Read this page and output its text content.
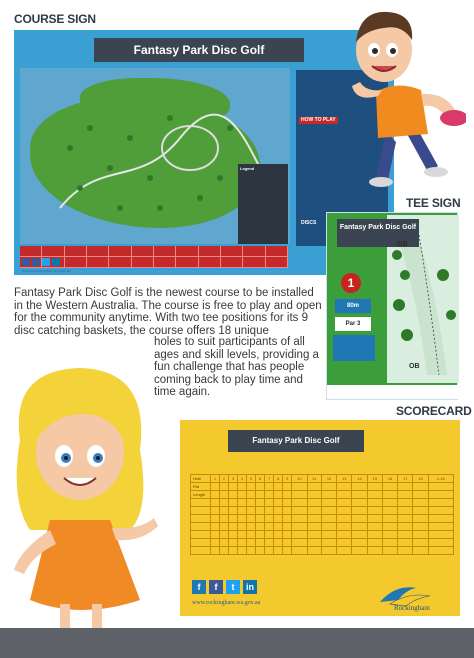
COURSE SIGN
TEE SIGN
SCORECARD
Fantasy Park Disc Golf
Legend
HOW TO PLAY
DISCS
www.rockingham.wa.gov.au
Fantasy Park Disc Golf
1
80m
Par 3
OB
OB
Fantasy Park Disc Golf is the newest course to be installed in the Western Australia. The course is free to play and open for the community anytime. With two tee positions for its 9 disc catching baskets, the course offers 18 unique
holes to suit participants of all ages and skill levels, providing a fun challenge that has people coming back to play time and time again.
Fantasy Park Disc Golf
Hole	1	2	3	4	5	6	7	8	9	10	11	12	13	14	15	16	17	18	1-18
Par																			
Length																			

f	f	t	in
www.rockingham.wa.gov.au
Rockingham
